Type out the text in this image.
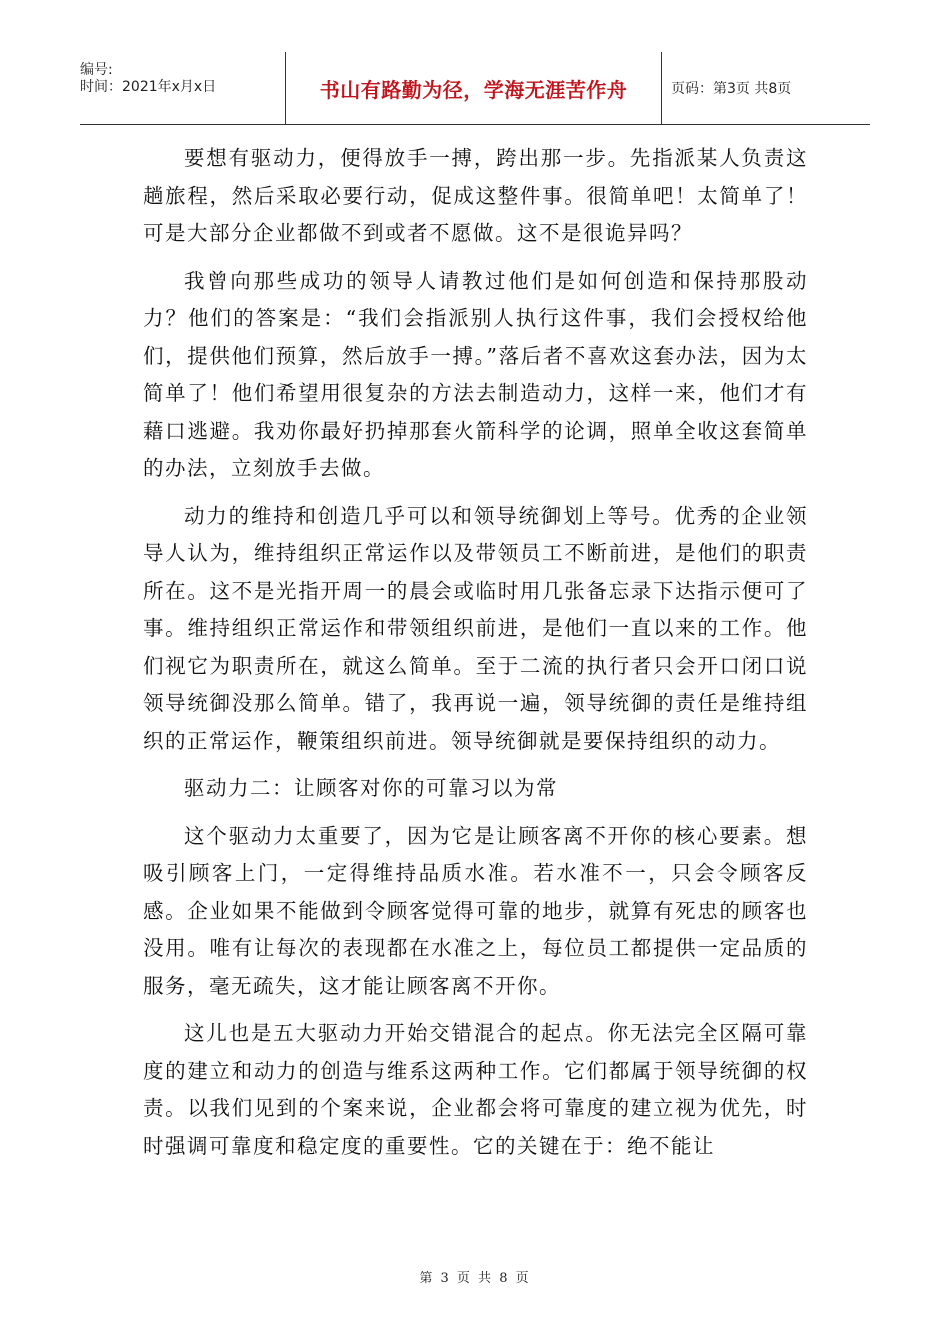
编号:
时间：2021年x月x日	书山有路勤为径，学海无涯苦作舟	页码：第3页 共8页

要想有驱动力，便得放手一搏，跨出那一步。先指派某人负责这趟旅程，然后采取必要行动，促成这整件事。很简单吧！太简单了！可是大部分企业都做不到或者不愿做。这不是很诡异吗？

我曾向那些成功的领导人请教过他们是如何创造和保持那股动力？他们的答案是：“我们会指派别人执行这件事，我们会授权给他们，提供他们预算，然后放手一搏。”落后者不喜欢这套办法，因为太简单了！他们希望用很复杂的方法去制造动力，这样一来，他们才有藉口逃避。我劝你最好扔掉那套火箭科学的论调，照单全收这套简单的办法，立刻放手去做。

动力的维持和创造几乎可以和领导统御划上等号。优秀的企业领导人认为，维持组织正常运作以及带领员工不断前进，是他们的职责所在。这不是光指开周一的晨会或临时用几张备忘录下达指示便可了事。维持组织正常运作和带领组织前进，是他们一直以来的工作。他们视它为职责所在，就这么简单。至于二流的执行者只会开口闭口说领导统御没那么简单。错了，我再说一遍，领导统御的责任是维持组织的正常运作，鞭策组织前进。领导统御就是要保持组织的动力。

驱动力二：让顾客对你的可靠习以为常

这个驱动力太重要了，因为它是让顾客离不开你的核心要素。想吸引顾客上门，一定得维持品质水准。若水准不一，只会令顾客反感。企业如果不能做到令顾客觉得可靠的地步，就算有死忠的顾客也没用。唯有让每次的表现都在水准之上，每位员工都提供一定品质的服务，毫无疏失，这才能让顾客离不开你。

这儿也是五大驱动力开始交错混合的起点。你无法完全区隔可靠度的建立和动力的创造与维系这两种工作。它们都属于领导统御的权责。以我们见到的个案来说，企业都会将可靠度的建立视为优先，时时强调可靠度和稳定度的重要性。它的关键在于：绝不能让

第 3 页 共 8 页
